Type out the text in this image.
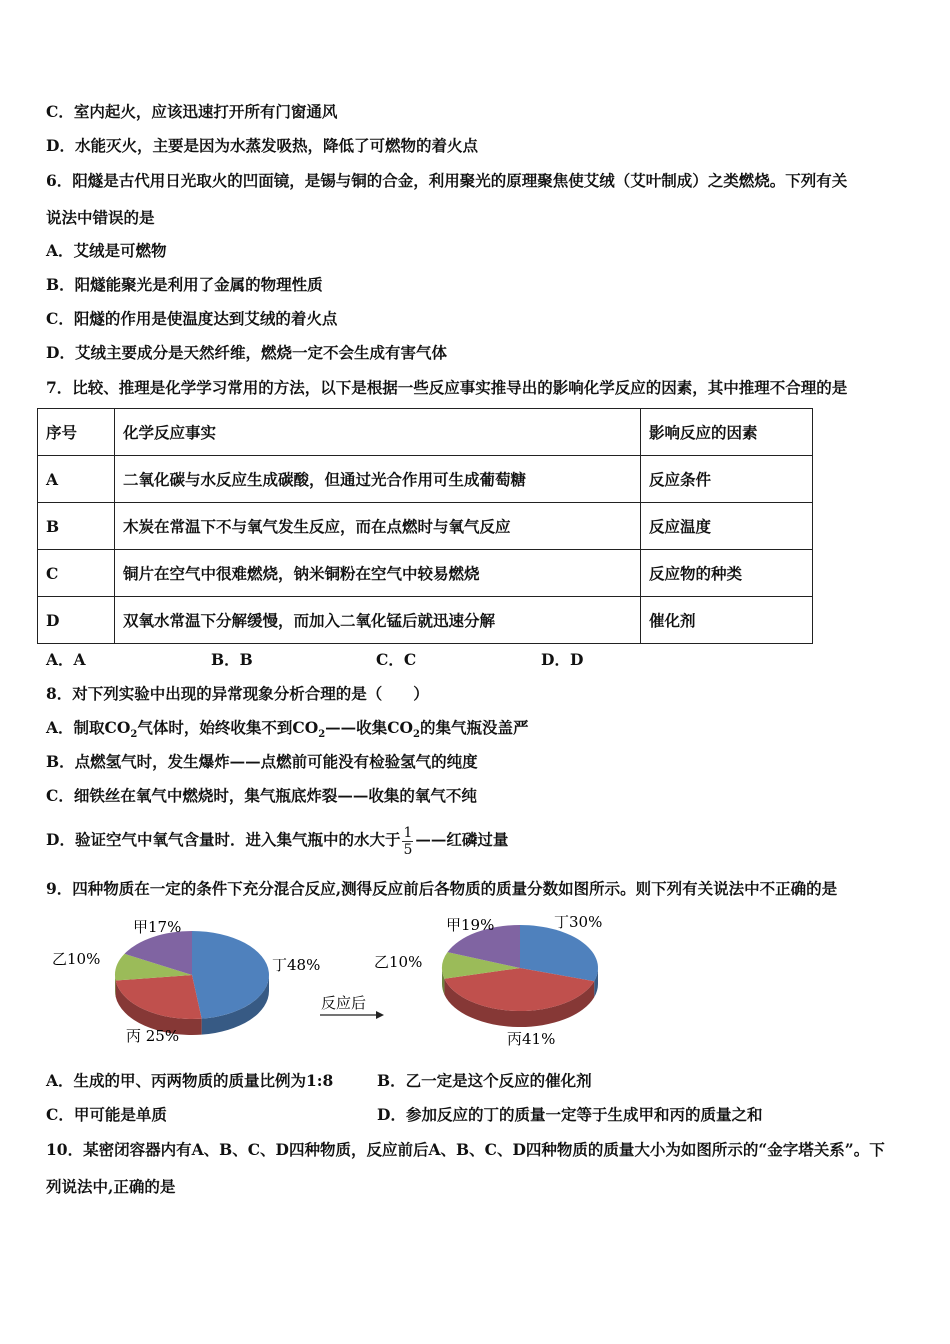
C．室内起火，应该迅速打开所有门窗通风
D．水能灭火，主要是因为水蒸发吸热，降低了可燃物的着火点
6．阳燧是古代用日光取火的凹面镜，是锡与铜的合金，利用聚光的原理聚焦使艾绒（艾叶制成）之类燃烧。下列有关
说法中错误的是
A．艾绒是可燃物
B．阳燧能聚光是利用了金属的物理性质
C．阳燧的作用是使温度达到艾绒的着火点
D．艾绒主要成分是天然纤维，燃烧一定不会生成有害气体
7．比较、推理是化学学习常用的方法，以下是根据一些反应事实推导出的影响化学反应的因素，其中推理不合理的是
序号	化学反应事实	影响反应的因素
A	二氧化碳与水反应生成碳酸，但通过光合作用可生成葡萄糖	反应条件
B	木炭在常温下不与氧气发生反应，而在点燃时与氧气反应	反应温度
C	铜片在空气中很难燃烧，钠米铜粉在空气中较易燃烧	反应物的种类
D	双氧水常温下分解缓慢，而加入二氧化锰后就迅速分解	催化剂
A．A	B．B	C．C	D．D
8．对下列实验中出现的异常现象分析合理的是（　　）
A．制取$CO_2$气体时，始终收集不到$CO_2——$收集$CO_2$的集气瓶没盖严
B．点燃氢气时，发生爆炸——点燃前可能没有检验氢气的纯度
C．细铁丝在氧气中燃烧时，集气瓶底炸裂——收集的氧气不纯
D．验证空气中氧气含量时．进入集气瓶中的水大于 $\frac{1}{5}$ ——红磷过量
9．四种物质在一定的条件下充分混合反应,测得反应前后各物质的质量分数如图所示。则下列有关说法中不正确的是
甲17%
乙10%
丙 25%
丁48%
反应后
甲19%
乙10%
丙41%
丁30%
A．生成的甲、丙两物质的质量比例为1:8	B．乙一定是这个反应的催化剂
C．甲可能是单质	D．参加反应的丁的质量一定等于生成甲和丙的质量之和
10．某密闭容器内有A、B、C、D四种物质，反应前后A、B、C、D四种物质的质量大小为如图所示的“金字塔关系”。下
列说法中,正确的是
